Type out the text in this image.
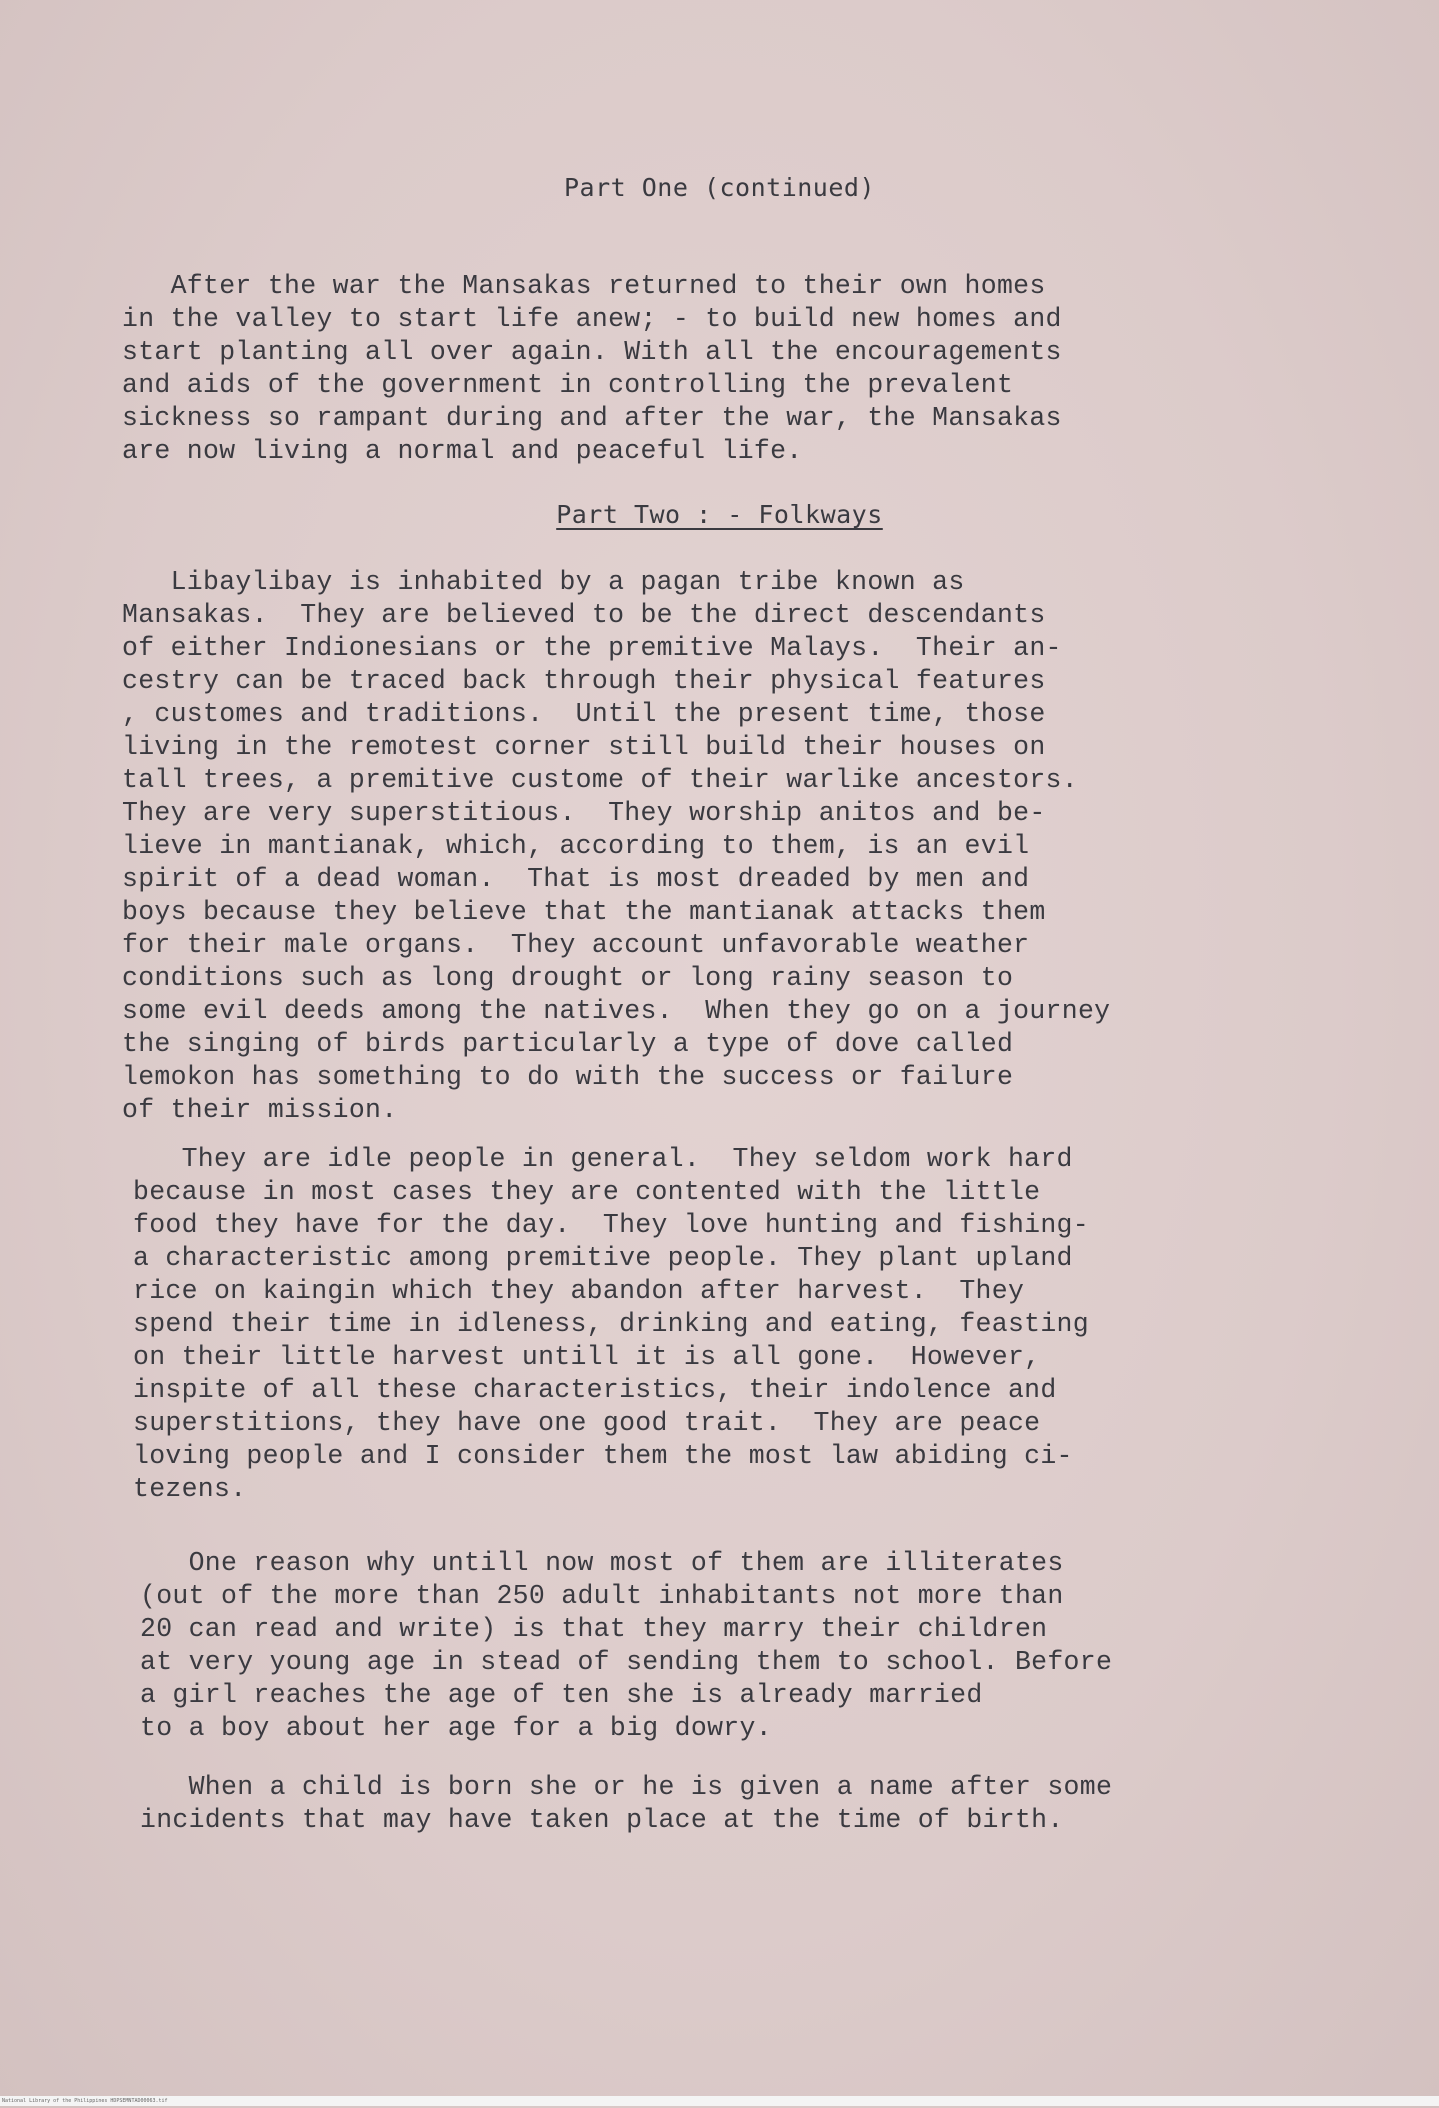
Part One (continued)
After the war the Mansakas returned to their own homes
in the valley to start life anew; - to build new homes and
start planting all over again. With all the encouragements
and aids of the government in controlling the prevalent
sickness so rampant during and after the war, the Mansakas
are now living a normal and peaceful life.
Part Two : - Folkways
Libaylibay is inhabited by a pagan tribe known as
Mansakas.  They are believed to be the direct descendants
of either Indionesians or the premitive Malays.  Their an-
cestry can be traced back through their physical features
, customes and traditions.  Until the present time, those
living in the remotest corner still build their houses on
tall trees, a premitive custome of their warlike ancestors.
They are very superstitious.  They worship anitos and be-
lieve in mantianak, which, according to them, is an evil
spirit of a dead woman.  That is most dreaded by men and
boys because they believe that the mantianak attacks them
for their male organs.  They account unfavorable weather
conditions such as long drought or long rainy season to
some evil deeds among the natives.  When they go on a journey
the singing of birds particularly a type of dove called
lemokon has something to do with the success or failure
of their mission.
They are idle people in general.  They seldom work hard
because in most cases they are contented with the little
food they have for the day.  They love hunting and fishing-
a characteristic among premitive people. They plant upland
rice on kaingin which they abandon after harvest.  They
spend their time in idleness, drinking and eating, feasting
on their little harvest untill it is all gone.  However,
inspite of all these characteristics, their indolence and
superstitions, they have one good trait.  They are peace
loving people and I consider them the most law abiding ci-
tezens.
One reason why untill now most of them are illiterates
(out of the more than 250 adult inhabitants not more than
20 can read and write) is that they marry their children
at very young age in stead of sending them to school. Before
a girl reaches the age of ten she is already married
to a boy about her age for a big dowry.
When a child is born she or he is given a name after some
incidents that may have taken place at the time of birth.
National Library of the Philippines HDPSEMNTAD00063.tif
